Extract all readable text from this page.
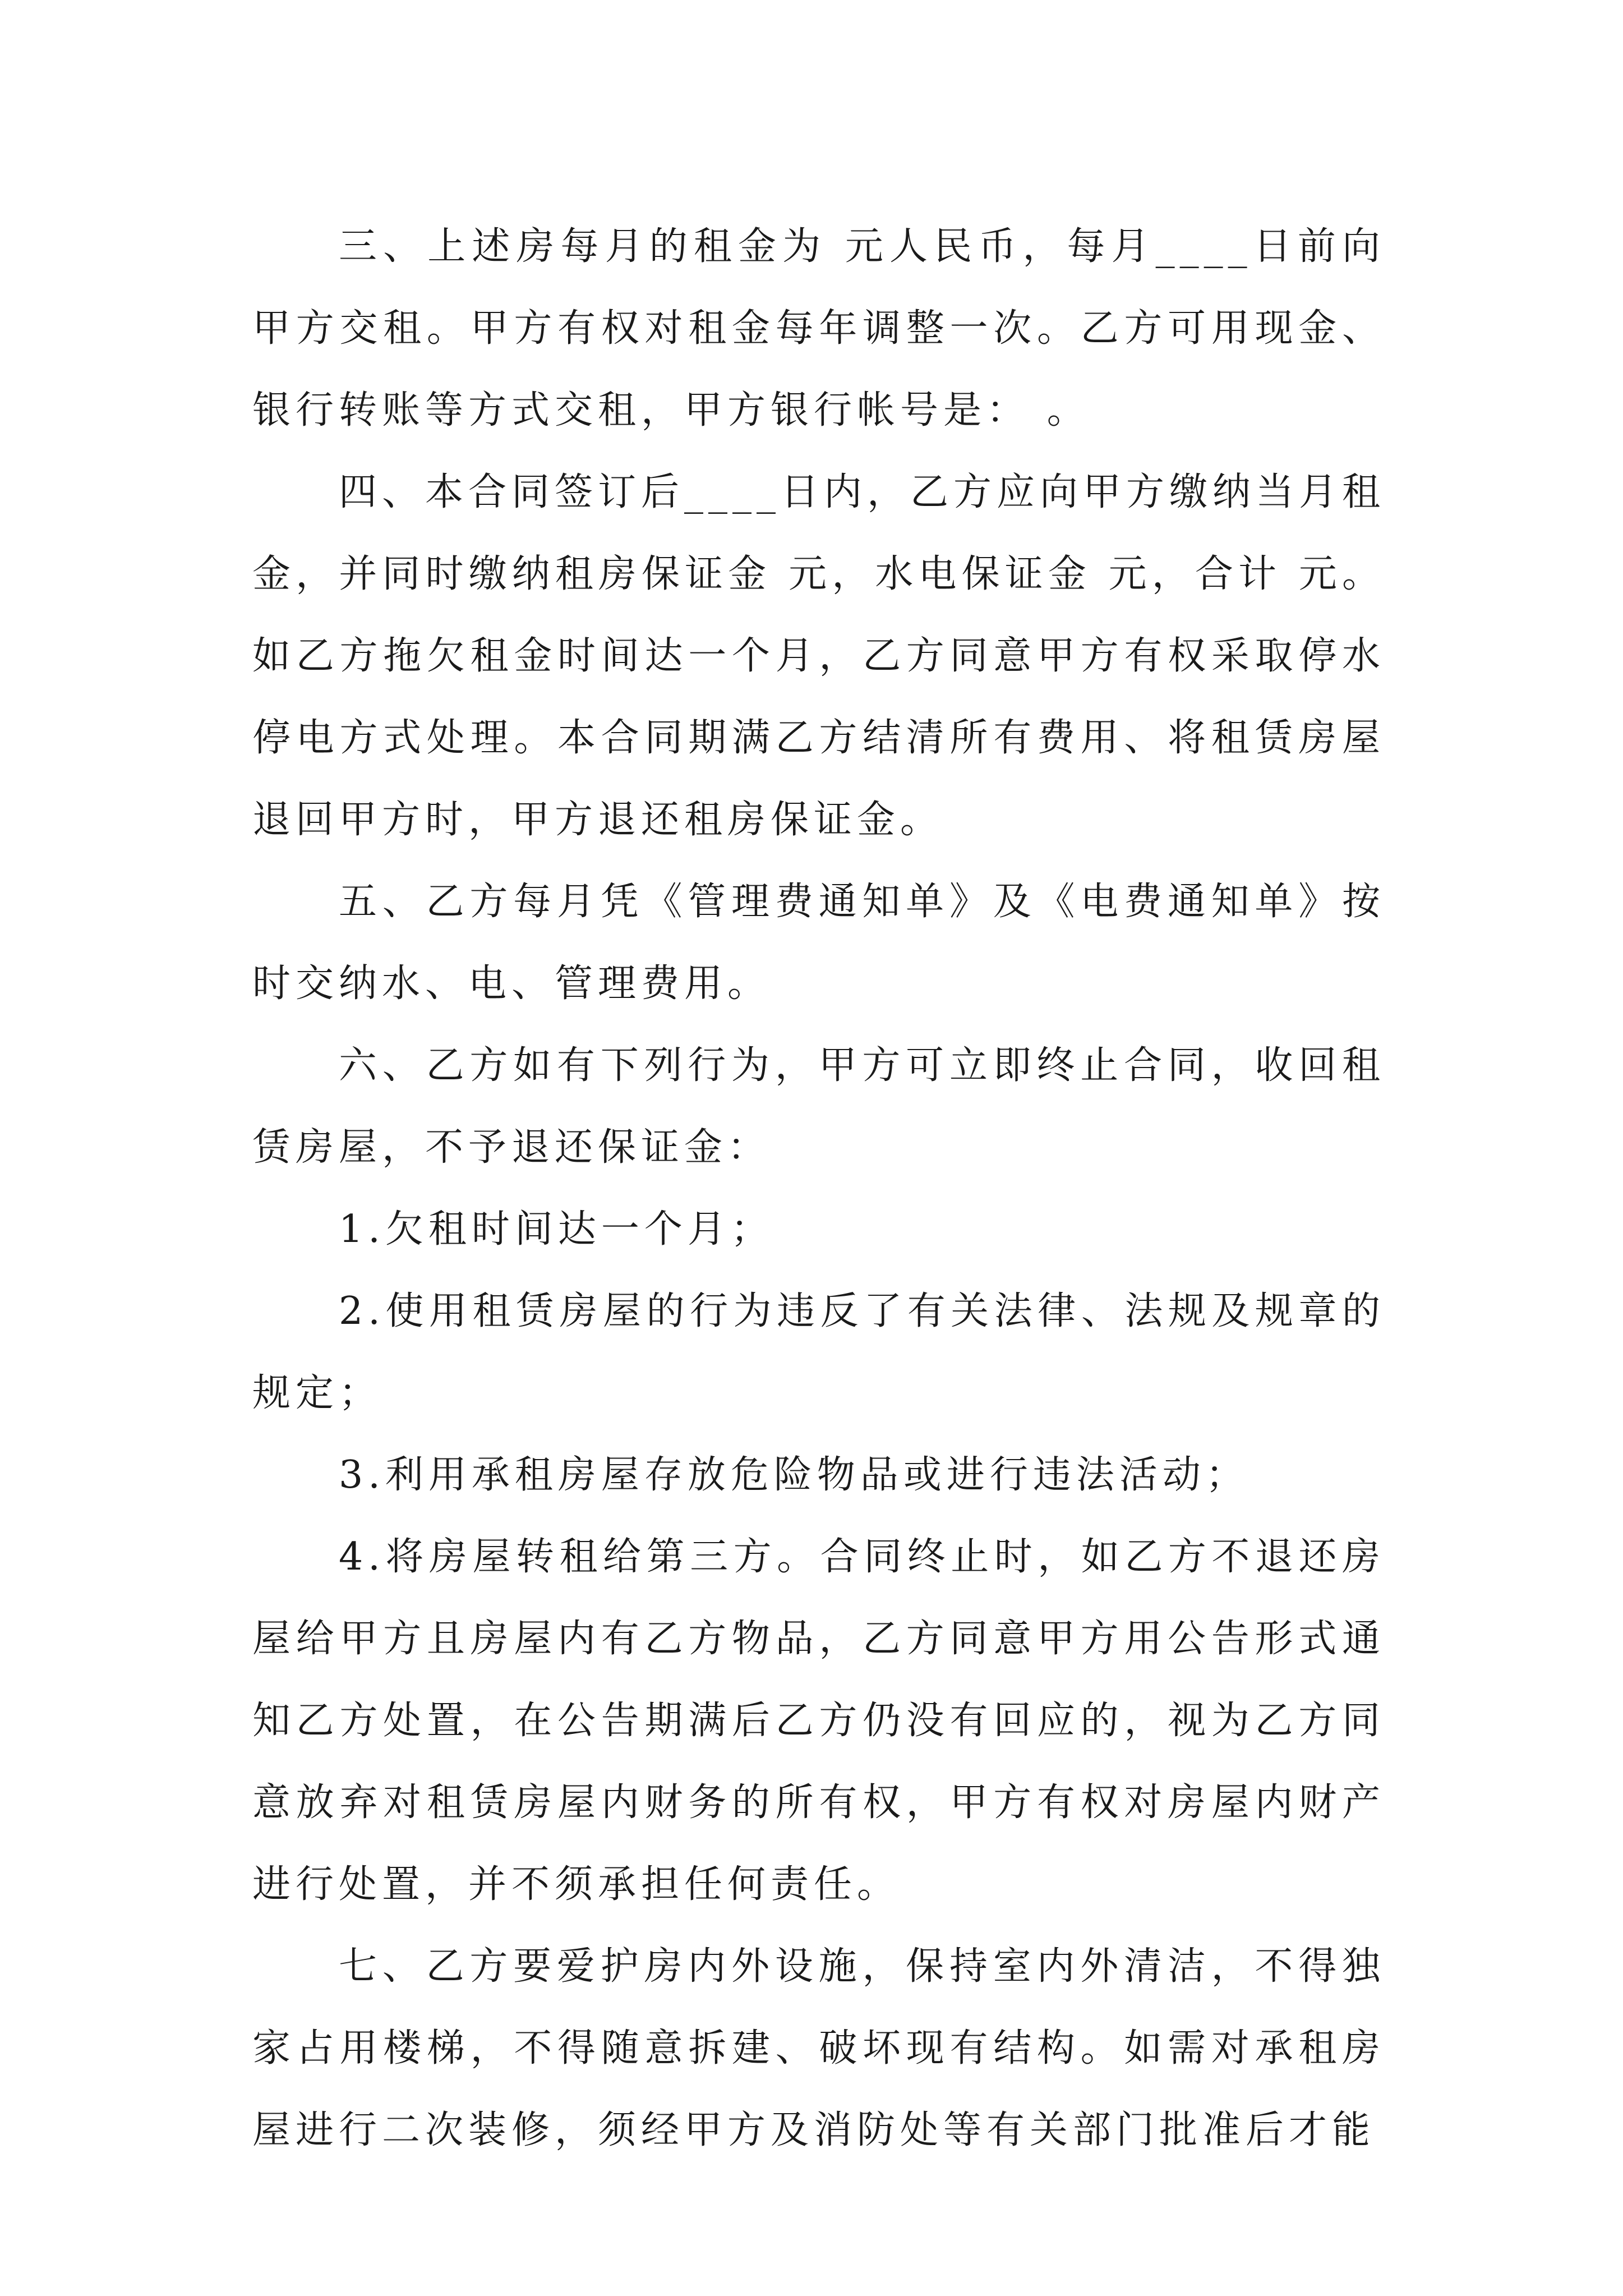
三、上述房每月的租金为 元人民币，每月____日前向甲方交租。甲方有权对租金每年调整一次。乙方可用现金、银行转账等方式交租，甲方银行帐号是： 。

四、本合同签订后____日内，乙方应向甲方缴纳当月租金，并同时缴纳租房保证金 元，水电保证金 元，合计 元。如乙方拖欠租金时间达一个月，乙方同意甲方有权采取停水停电方式处理。本合同期满乙方结清所有费用、将租赁房屋退回甲方时，甲方退还租房保证金。

五、乙方每月凭《管理费通知单》及《电费通知单》按时交纳水、电、管理费用。

六、乙方如有下列行为，甲方可立即终止合同，收回租赁房屋，不予退还保证金：

1.欠租时间达一个月；

2.使用租赁房屋的行为违反了有关法律、法规及规章的规定；

3.利用承租房屋存放危险物品或进行违法活动；

4.将房屋转租给第三方。合同终止时，如乙方不退还房屋给甲方且房屋内有乙方物品，乙方同意甲方用公告形式通知乙方处置，在公告期满后乙方仍没有回应的，视为乙方同意放弃对租赁房屋内财务的所有权，甲方有权对房屋内财产进行处置，并不须承担任何责任。

七、乙方要爱护房内外设施，保持室内外清洁，不得独家占用楼梯，不得随意拆建、破坏现有结构。如需对承租房屋进行二次装修，须经甲方及消防处等有关部门批准后才能
